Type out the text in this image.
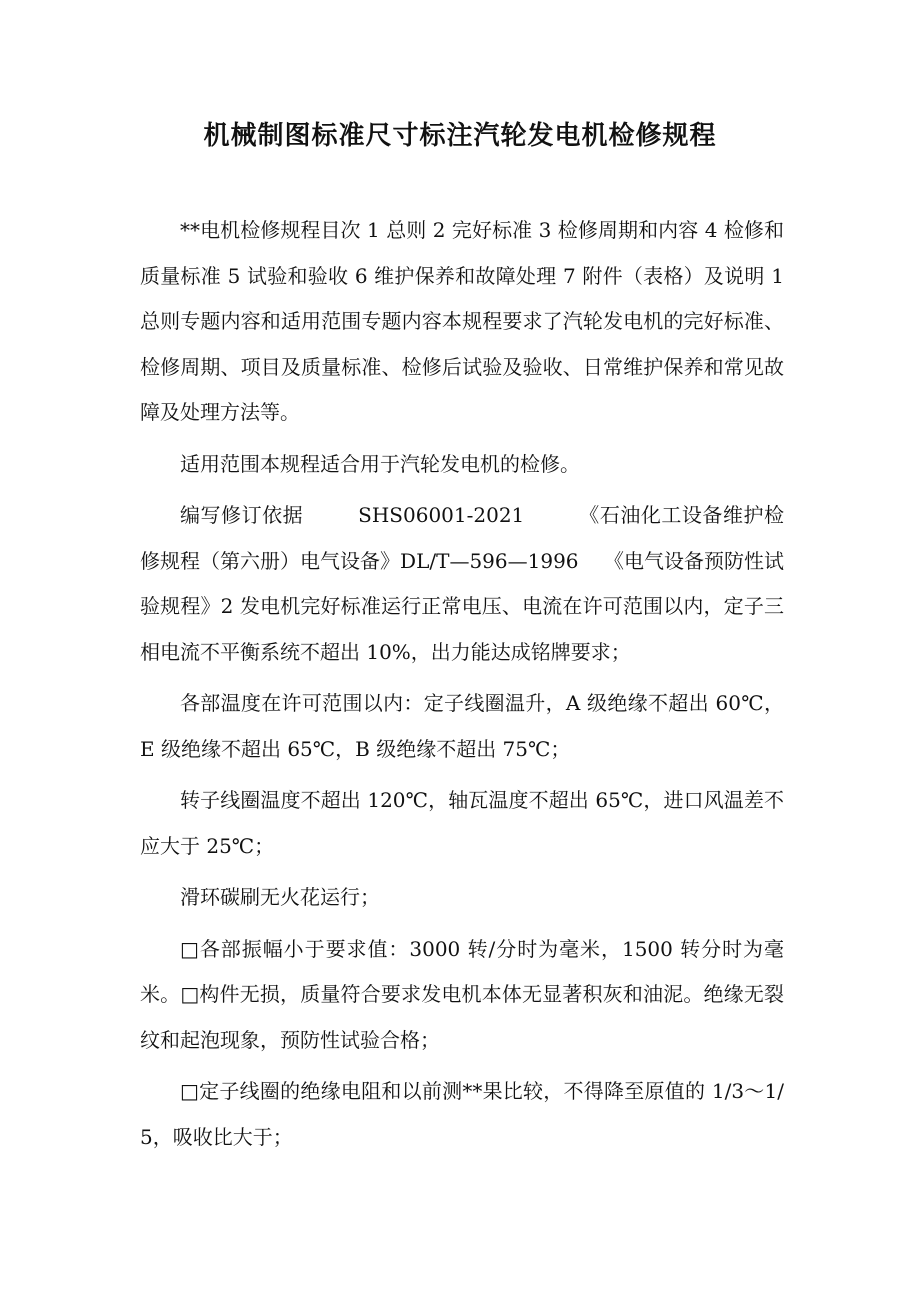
机械制图标准尺寸标注汽轮发电机检修规程

**电机检修规程目次 1 总则 2 完好标准 3 检修周期和内容 4 检修和质量标准 5 试验和验收 6 维护保养和故障处理 7 附件（表格）及说明 1 总则专题内容和适用范围专题内容本规程要求了汽轮发电机的完好标准、检修周期、项目及质量标准、检修后试验及验收、日常维护保养和常见故障及处理方法等。

适用范围本规程适合用于汽轮发电机的检修。

编写修订依据        SHS06001-2021        《石油化工设备维护检修规程（第六册）电气设备》DL/T—596—1996    《电气设备预防性试验规程》2 发电机完好标准运行正常电压、电流在许可范围以内，定子三相电流不平衡系统不超出 10%，出力能达成铭牌要求；

各部温度在许可范围以内：定子线圈温升，A 级绝缘不超出 60℃，E 级绝缘不超出 65℃，B 级绝缘不超出 75℃；

转子线圈温度不超出 120℃，轴瓦温度不超出 65℃，进口风温差不应大于 25℃；

滑环碳刷无火花运行；

□各部振幅小于要求值：3000 转/分时为毫米，1500 转分时为毫米。□构件无损，质量符合要求发电机本体无显著积灰和油泥。绝缘无裂纹和起泡现象，预防性试验合格；

□定子线圈的绝缘电阻和以前测**果比较，不得降至原值的 1/3～1/5，吸收比大于；
